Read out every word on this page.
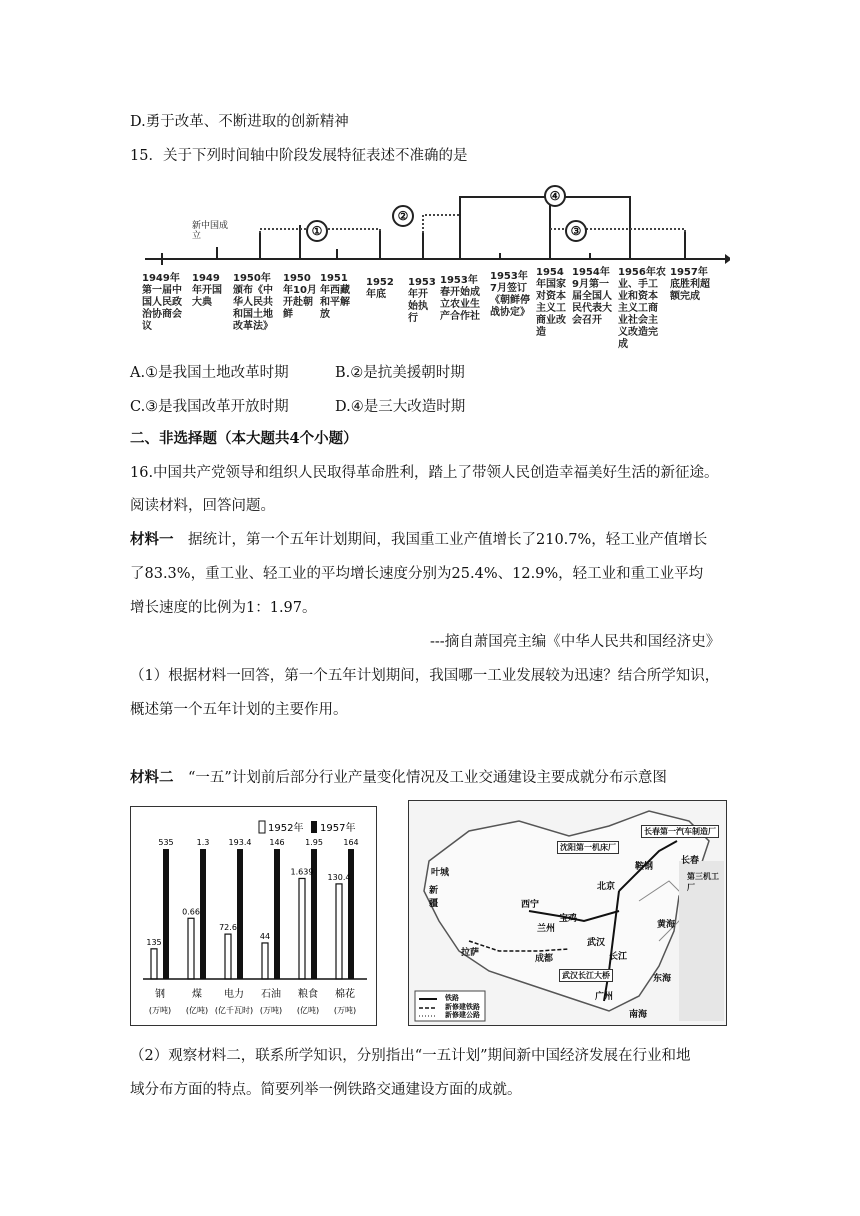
D.勇于改革、不断进取的创新精神
15．关于下列时间轴中阶段发展特征表述不准确的是
新中国成立	①
②
③
④
1949年第一届中国人民政治协商会议
1949年开国大典
1950年颁布《中华人民共和国土地改革法》
1950年10月开赴朝鲜
1951年西藏和平解放
1952年底
1953年开始执行
1953年春开始成立农业生产合作社
1953年7月签订《朝鲜停战协定》
1954年国家对资本主义工商业改造
1954年9月第一届全国人民代表大会召开
1956年农业、手工业和资本主义工商业社会主义改造完成
1957年底胜利超额完成
A.①是我国土地改革时期	B.②是抗美援朝时期
C.③是我国改革开放时期	D.④是三大改造时期
二、非选择题（本大题共4个小题）
16.中国共产党领导和组织人民取得革命胜利，踏上了带领人民创造幸福美好生活的新征途。
阅读材料，回答问题。
材料一　据统计，第一个五年计划期间，我国重工业产值增长了210.7%，轻工业产值增长
了83.3%，重工业、轻工业的平均增长速度分别为25.4%、12.9%，轻工业和重工业平均
增长速度的比例为1：1.97。
---摘自萧国亮主编《中华人民共和国经济史》
（1）根据材料一回答，第一个五年计划期间，我国哪一工业发展较为迅速？结合所学知识，
概述第一个五年计划的主要作用。
材料二　“一五”计划前后部分行业产量变化情况及工业交通建设主要成就分布示意图
1952年 1957年
135
535
钢
(万吨)
0.66
1.3
煤
(亿吨)
72.6
193.4
电力
(亿千瓦时)
44
146
石油
(万吨)
1.639
1.95
粮食
(亿吨)
130.4
164
棉花
(万吨)
长春第一汽车制造厂
沈阳第一机床厂
鞍钢
长春
第三机工厂
北京
新疆
叶城
西宁
兰州
宝鸡
拉萨
成都
武汉
长江
武汉长江大桥
广州
东海
南海
黄海
铁路
新修建铁路
新修建公路
（2）观察材料二，联系所学知识，分别指出“一五计划”期间新中国经济发展在行业和地
域分布方面的特点。简要列举一例铁路交通建设方面的成就。
